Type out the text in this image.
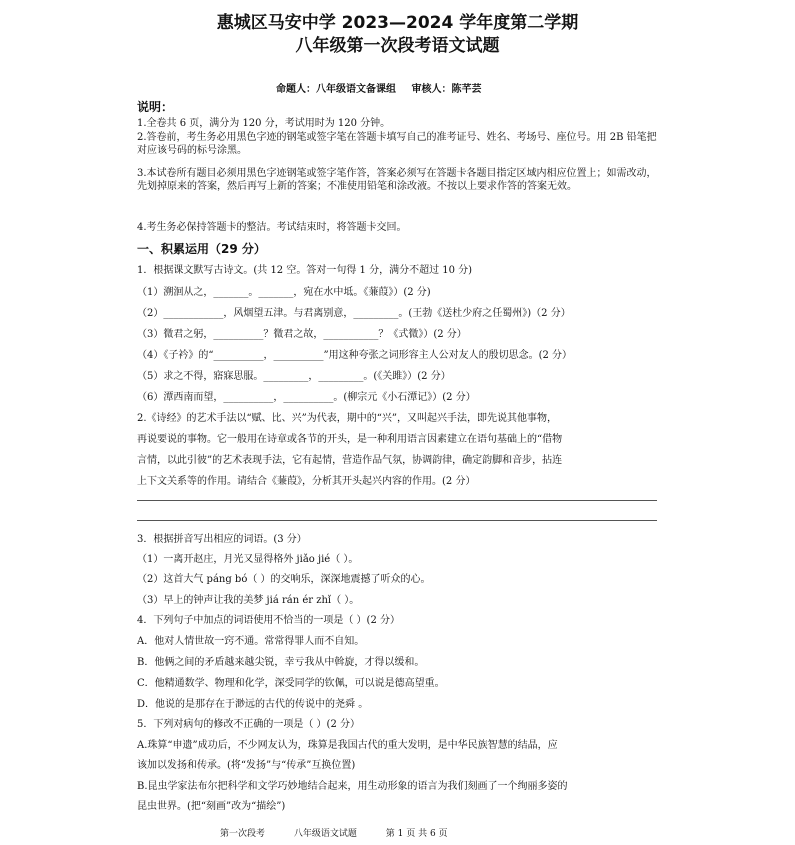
惠城区马安中学 2023—2024 学年度第二学期
八年级第一次段考语文试题
命题人：八年级语文备课组 审核人：陈芊芸
说明：
1.全卷共 6 页，满分为 120 分，考试用时为 120 分钟。
2.答卷前，考生务必用黑色字迹的钢笔或签字笔在答题卡填写自己的准考证号、姓名、考场号、座位号。用 2B 铅笔把对应该号码的标号涂黑。
3.本试卷所有题目必须用黑色字迹钢笔或签字笔作答，答案必须写在答题卡各题目指定区域内相应位置上；如需改动，先划掉原来的答案，然后再写上新的答案；不准使用铅笔和涂改液。不按以上要求作答的答案无效。
4.考生务必保持答题卡的整洁。考试结束时，将答题卡交回。
一、积累运用（29 分）
1．根据课文默写古诗文。(共 12 空。答对一句得 1 分，满分不超过 10 分)
（1）溯洄从之，_______。_______，宛在水中坻。《蒹葭》）(2 分)
（2）____________，风烟望五津。与君离别意，_________。(王勃《送杜少府之任蜀州》)（2 分）
（3）微君之躬，__________？微君之故，___________？《式微》）(2 分）
（4）《子衿》的“__________，__________”用这种夸张之词形容主人公对友人的殷切思念。(2 分）
（5）求之不得，寤寐思服。_________，_________。(《关雎》）(2 分）
（6）潭西南而望，__________，__________。(柳宗元《小石潭记》）(2 分）
2.《诗经》的艺术手法以“赋、比、兴”为代表，期中的“兴”，又叫起兴手法，即先说其他事物，
再说要说的事物。它一般用在诗章或各节的开头，是一种利用语言因素建立在语句基础上的“借物
言情，以此引彼”的艺术表现手法，它有起情，营造作品气氛，协调韵律，确定韵脚和音步，拈连
上下文关系等的作用。请结合《蒹葭》，分析其开头起兴内容的作用。(2 分）
3．根据拼音写出相应的词语。(3 分）
（1）一离开赵庄，月光又显得格外 jiǎo jié（ ）。
（2）这首大气 páng bó（ ）的交响乐，深深地震撼了听众的心。
（3）早上的钟声让我的美梦 jiá rán ér zhǐ（ ）。
4．下列句子中加点的词语使用不恰当的一项是（ ）(2 分）
A．他对人情世故一窍不通。常常得罪人而不自知。
B．他俩之间的矛盾越来越尖锐，幸亏我从中斡旋，才得以缓和。
C．他精通数学、物理和化学，深受同学的钦佩，可以说是德高望重。
D．他说的是那存在于渺远的古代的传说中的尧舜 。
5．下列对病句的修改不正确的一项是（ ）(2 分）
A.珠算“申遗”成功后，不少网友认为，珠算是我国古代的重大发明，是中华民族智慧的结晶，应
该加以发扬和传承。(将“发扬”与“传承”互换位置)
B.昆虫学家法布尔把科学和文学巧妙地结合起来，用生动形象的语言为我们刻画了一个绚丽多姿的
昆虫世界。(把“刻画”改为“描绘”)
第一次段考	八年级语文试题	第 1 页 共 6 页
